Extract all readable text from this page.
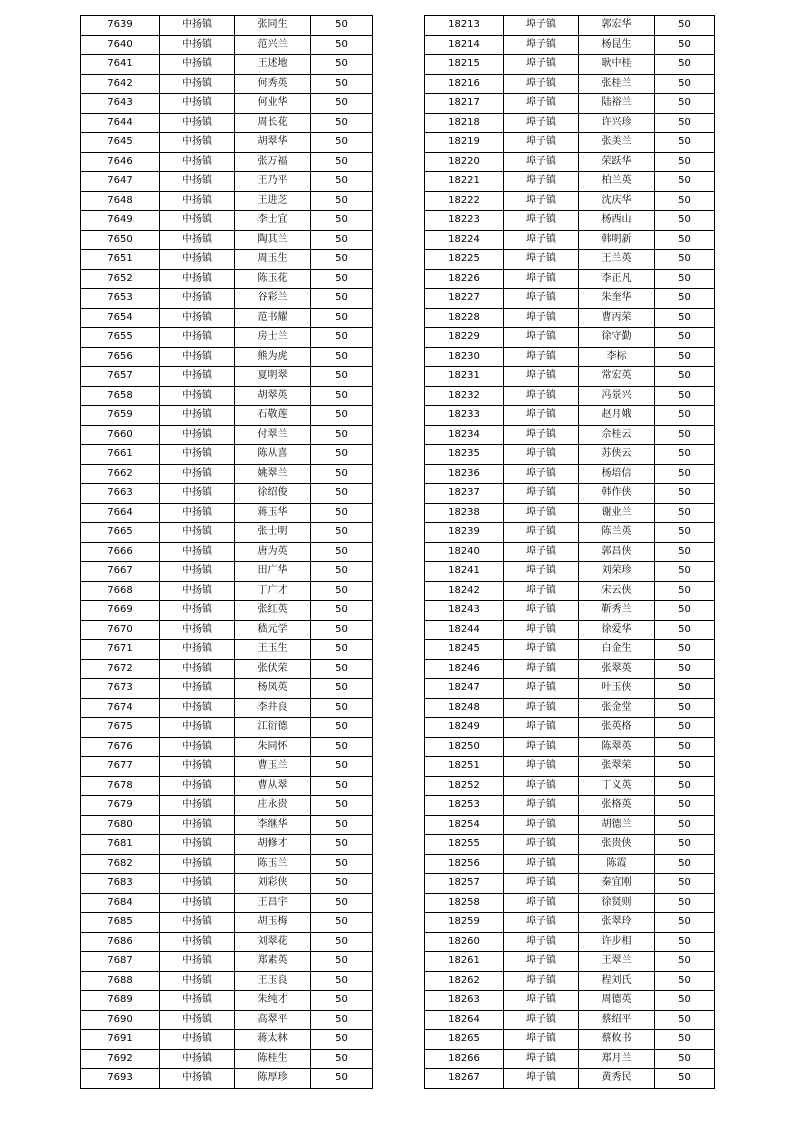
7639	中扬镇	张同生	50
7640	中扬镇	范兴兰	50
7641	中扬镇	王述地	50
7642	中扬镇	何秀英	50
7643	中扬镇	何业华	50
7644	中扬镇	周长花	50
7645	中扬镇	胡翠华	50
7646	中扬镇	张万福	50
7647	中扬镇	王乃平	50
7648	中扬镇	王进芝	50
7649	中扬镇	李士宜	50
7650	中扬镇	陶其兰	50
7651	中扬镇	周玉生	50
7652	中扬镇	陈玉花	50
7653	中扬镇	谷彩兰	50
7654	中扬镇	范书耀	50
7655	中扬镇	房士兰	50
7656	中扬镇	熊为虎	50
7657	中扬镇	夏明翠	50
7658	中扬镇	胡翠英	50
7659	中扬镇	石敬莲	50
7660	中扬镇	付翠兰	50
7661	中扬镇	陈从喜	50
7662	中扬镇	姚翠兰	50
7663	中扬镇	徐绍俊	50
7664	中扬镇	蒋玉华	50
7665	中扬镇	张士明	50
7666	中扬镇	唐为英	50
7667	中扬镇	田广华	50
7668	中扬镇	丁广才	50
7669	中扬镇	张红英	50
7670	中扬镇	嵇元学	50
7671	中扬镇	王玉生	50
7672	中扬镇	张伏荣	50
7673	中扬镇	杨凤英	50
7674	中扬镇	李井良	50
7675	中扬镇	江衍德	50
7676	中扬镇	朱同怀	50
7677	中扬镇	曹玉兰	50
7678	中扬镇	曹从翠	50
7679	中扬镇	庄永贵	50
7680	中扬镇	李继华	50
7681	中扬镇	胡修才	50
7682	中扬镇	陈玉兰	50
7683	中扬镇	刘彩侠	50
7684	中扬镇	王昌宇	50
7685	中扬镇	胡玉梅	50
7686	中扬镇	刘翠花	50
7687	中扬镇	郑素英	50
7688	中扬镇	王玉良	50
7689	中扬镇	朱纯才	50
7690	中扬镇	高翠平	50
7691	中扬镇	蒋太林	50
7692	中扬镇	陈桂生	50
7693	中扬镇	陈厚珍	50
18213	埠子镇	郭宏华	50
18214	埠子镇	杨昆生	50
18215	埠子镇	耿中桂	50
18216	埠子镇	张桂兰	50
18217	埠子镇	陆裕兰	50
18218	埠子镇	许兴珍	50
18219	埠子镇	张美兰	50
18220	埠子镇	荣跃华	50
18221	埠子镇	柏兰英	50
18222	埠子镇	沈庆华	50
18223	埠子镇	杨西山	50
18224	埠子镇	韩明新	50
18225	埠子镇	王兰英	50
18226	埠子镇	李正凡	50
18227	埠子镇	朱奎华	50
18228	埠子镇	曹丙荣	50
18229	埠子镇	徐守勤	50
18230	埠子镇	李标	50
18231	埠子镇	常宏英	50
18232	埠子镇	冯景兴	50
18233	埠子镇	赵月娥	50
18234	埠子镇	佘桂云	50
18235	埠子镇	苏侠云	50
18236	埠子镇	杨培信	50
18237	埠子镇	韩作侠	50
18238	埠子镇	谢业兰	50
18239	埠子镇	陈兰英	50
18240	埠子镇	郭昌侠	50
18241	埠子镇	刘荣珍	50
18242	埠子镇	宋云侠	50
18243	埠子镇	靳秀兰	50
18244	埠子镇	徐爱华	50
18245	埠子镇	白金生	50
18246	埠子镇	张翠英	50
18247	埠子镇	叶玉侠	50
18248	埠子镇	张金堂	50
18249	埠子镇	张英格	50
18250	埠子镇	陈翠英	50
18251	埠子镇	张翠荣	50
18252	埠子镇	丁义英	50
18253	埠子镇	张格英	50
18254	埠子镇	胡德兰	50
18255	埠子镇	张贵侠	50
18256	埠子镇	陈霞	50
18257	埠子镇	秦宜刚	50
18258	埠子镇	徐贤则	50
18259	埠子镇	张翠玲	50
18260	埠子镇	许步相	50
18261	埠子镇	王翠兰	50
18262	埠子镇	程刘氏	50
18263	埠子镇	周德英	50
18264	埠子镇	蔡绍平	50
18265	埠子镇	蔡攸书	50
18266	埠子镇	郑月兰	50
18267	埠子镇	黄秀民	50
